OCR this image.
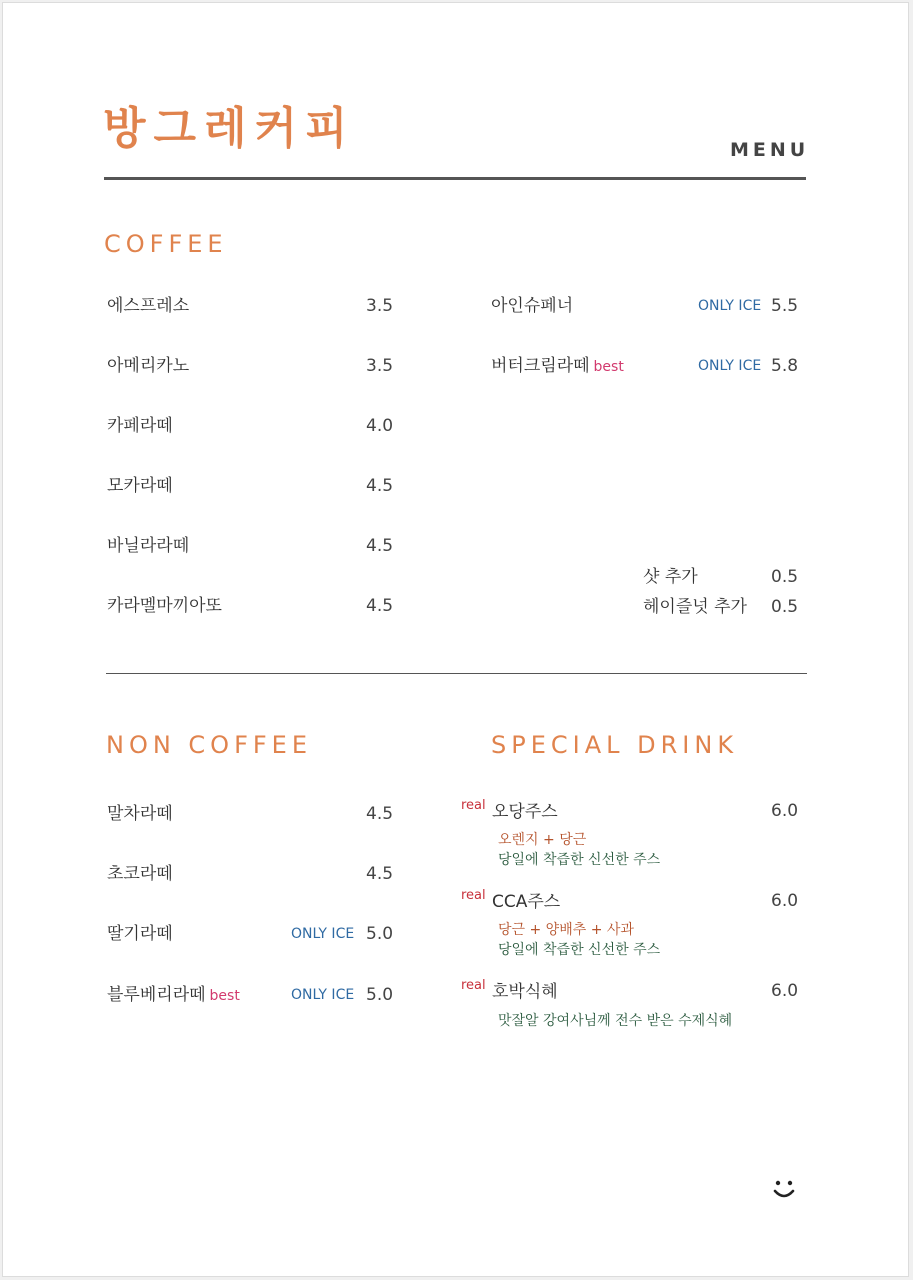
방그레커피	MENU
COFFEE
에스프레소	3.5
아메리카노	3.5
카페라떼	4.0
모카라떼	4.5
바닐라라떼	4.5
카라멜마끼아또	4.5
아인슈페너	ONLY ICE 5.5
버터크림라떼 best	ONLY ICE 5.8
샷 추가	0.5
헤이즐넛 추가 0.5
NON COFFEE
말차라떼	4.5
초코라떼	4.5
딸기라떼	ONLY ICE 5.0
블루베리라떼 best	ONLY ICE 5.0
SPECIAL DRINK
real 오당주스	6.0
오렌지 + 당근
당일에 착즙한 신선한 주스
real CCA주스	6.0
당근 + 양배추 + 사과
당일에 착즙한 신선한 주스
real 호박식혜	6.0
맛잘알 강여사님께 전수 받은 수제식혜
